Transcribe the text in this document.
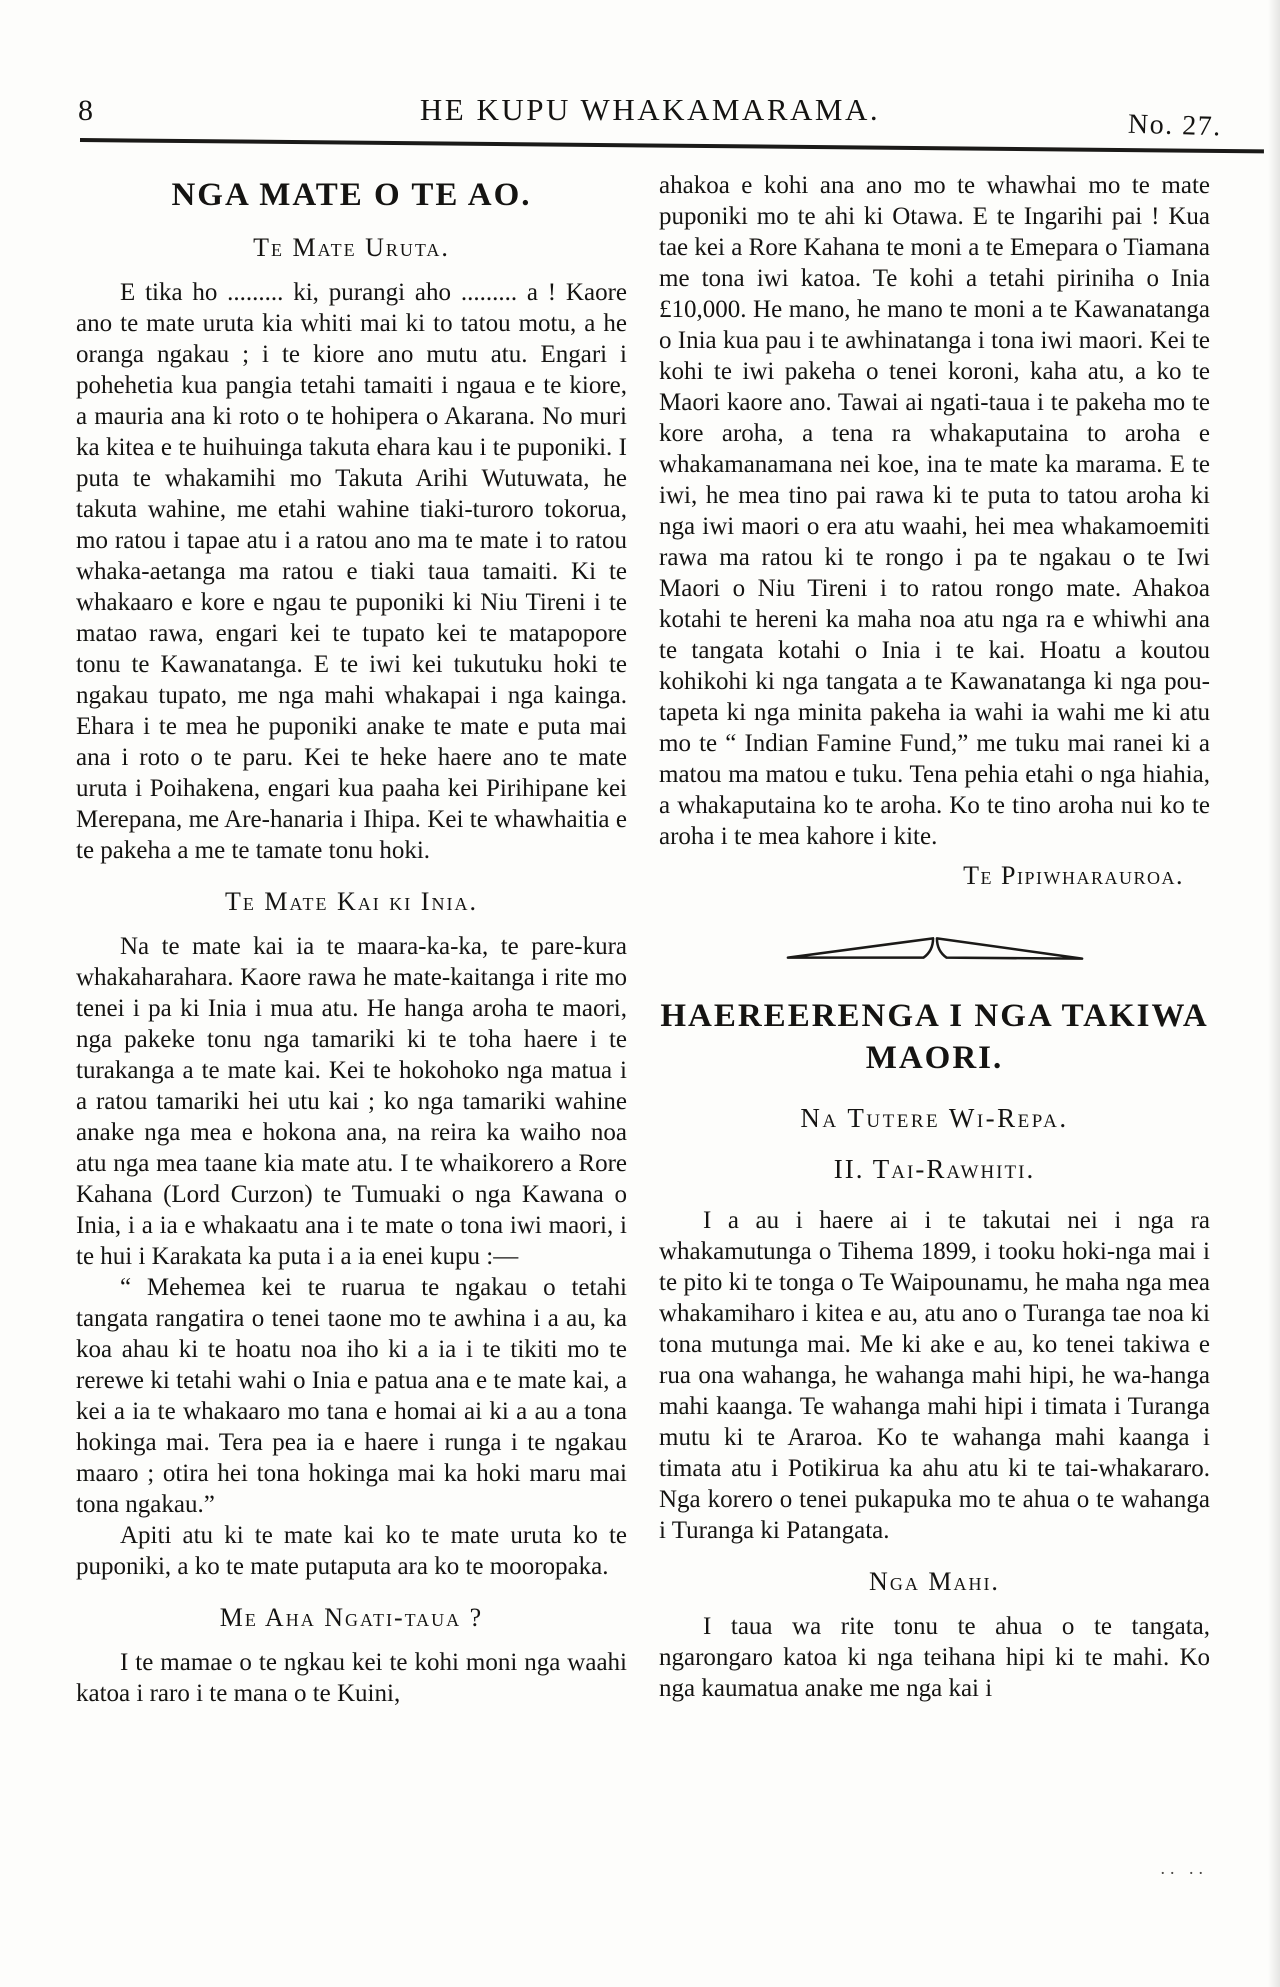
8	HE KUPU WHAKAMARAMA.	No. 27.
NGA MATE O TE AO.
Te Mate Uruta.

E tika ho ......... ki, purangi aho ......... a ! Kaore ano te mate uruta kia whiti mai ki to tatou motu, a he oranga ngakau ; i te kiore ano mutu atu. Engari i pohehetia kua pangia tetahi tamaiti i ngaua e te kiore, a mauria ana ki roto o te hohipera o Akarana. No muri ka kitea e te huihuinga takuta ehara kau i te puponiki. I puta te whakamihi mo Takuta Arihi Wutuwata, he takuta wahine, me etahi wahine tiaki-turoro tokorua, mo ratou i tapae atu i a ratou ano ma te mate i to ratou whaka-aetanga ma ratou e tiaki taua tamaiti. Ki te whakaaro e kore e ngau te puponiki ki Niu Tireni i te matao rawa, engari kei te tupato kei te matapopore tonu te Kawanatanga. E te iwi kei tukutuku hoki te ngakau tupato, me nga mahi whakapai i nga kainga. Ehara i te mea he puponiki anake te mate e puta mai ana i roto o te paru. Kei te heke haere ano te mate uruta i Poihakena, engari kua paaha kei Pirihipane kei Merepana, me Are-hanaria i Ihipa. Kei te whawhaitia e te pakeha a me te tamate tonu hoki.

Te Mate Kai ki Inia.

Na te mate kai ia te maara-ka-ka, te pare-kura whakaharahara. Kaore rawa he mate-kaitanga i rite mo tenei i pa ki Inia i mua atu. He hanga aroha te maori, nga pakeke tonu nga tamariki ki te toha haere i te turakanga a te mate kai. Kei te hokohoko nga matua i a ratou tamariki hei utu kai ; ko nga tamariki wahine anake nga mea e hokona ana, na reira ka waiho noa atu nga mea taane kia mate atu. I te whaikorero a Rore Kahana (Lord Curzon) te Tumuaki o nga Kawana o Inia, i a ia e whakaatu ana i te mate o tona iwi maori, i te hui i Karakata ka puta i a ia enei kupu :—

“ Mehemea kei te ruarua te ngakau o tetahi tangata rangatira o tenei taone mo te awhina i a au, ka koa ahau ki te hoatu noa iho ki a ia i te tikiti mo te rerewe ki tetahi wahi o Inia e patua ana e te mate kai, a kei a ia te whakaaro mo tana e homai ai ki a au a tona hokinga mai. Tera pea ia e haere i runga i te ngakau maaro ; otira hei tona hokinga mai ka hoki maru mai tona ngakau.”

Apiti atu ki te mate kai ko te mate uruta ko te puponiki, a ko te mate putaputa ara ko te mooropaka.

Me Aha Ngati-taua ?

I te mamae o te ngkau kei te kohi moni nga waahi katoa i raro i te mana o te Kuini,

ahakoa e kohi ana ano mo te whawhai mo te mate puponiki mo te ahi ki Otawa. E te Ingarihi pai ! Kua tae kei a Rore Kahana te moni a te Emepara o Tiamana me tona iwi katoa. Te kohi a tetahi piriniha o Inia £10,000. He mano, he mano te moni a te Kawanatanga o Inia kua pau i te awhinatanga i tona iwi maori. Kei te kohi te iwi pakeha o tenei koroni, kaha atu, a ko te Maori kaore ano. Tawai ai ngati-taua i te pakeha mo te kore aroha, a tena ra whakaputaina to aroha e whakamanamana nei koe, ina te mate ka marama. E te iwi, he mea tino pai rawa ki te puta to tatou aroha ki nga iwi maori o era atu waahi, hei mea whakamoemiti rawa ma ratou ki te rongo i pa te ngakau o te Iwi Maori o Niu Tireni i to ratou rongo mate. Ahakoa kotahi te hereni ka maha noa atu nga ra e whiwhi ana te tangata kotahi o Inia i te kai. Hoatu a koutou kohikohi ki nga tangata a te Kawanatanga ki nga pou-tapeta ki nga minita pakeha ia wahi ia wahi me ki atu mo te “ Indian Famine Fund,” me tuku mai ranei ki a matou ma matou e tuku. Tena pehia etahi o nga hiahia, a whakaputaina ko te aroha. Ko te tino aroha nui ko te aroha i te mea kahore i kite.

Te Pipiwharauroa.

HAEREERENGA I NGA TAKIWA MAORI.
Na Tutere Wi-Repa.
II. Tai-Rawhiti.

I a au i haere ai i te takutai nei i nga ra whakamutunga o Tihema 1899, i tooku hoki-nga mai i te pito ki te tonga o Te Waipounamu, he maha nga mea whakamiharo i kitea e au, atu ano o Turanga tae noa ki tona mutunga mai. Me ki ake e au, ko tenei takiwa e rua ona wahanga, he wahanga mahi hipi, he wa-hanga mahi kaanga. Te wahanga mahi hipi i timata i Turanga mutu ki te Araroa. Ko te wahanga mahi kaanga i timata atu i Potikirua ka ahu atu ki te tai-whakararo. Nga korero o tenei pukapuka mo te ahua o te wahanga i Turanga ki Patangata.

Nga Mahi.

I taua wa rite tonu te ahua o te tangata, ngarongaro katoa ki nga teihana hipi ki te mahi. Ko nga kaumatua anake me nga kai i

.. ..
